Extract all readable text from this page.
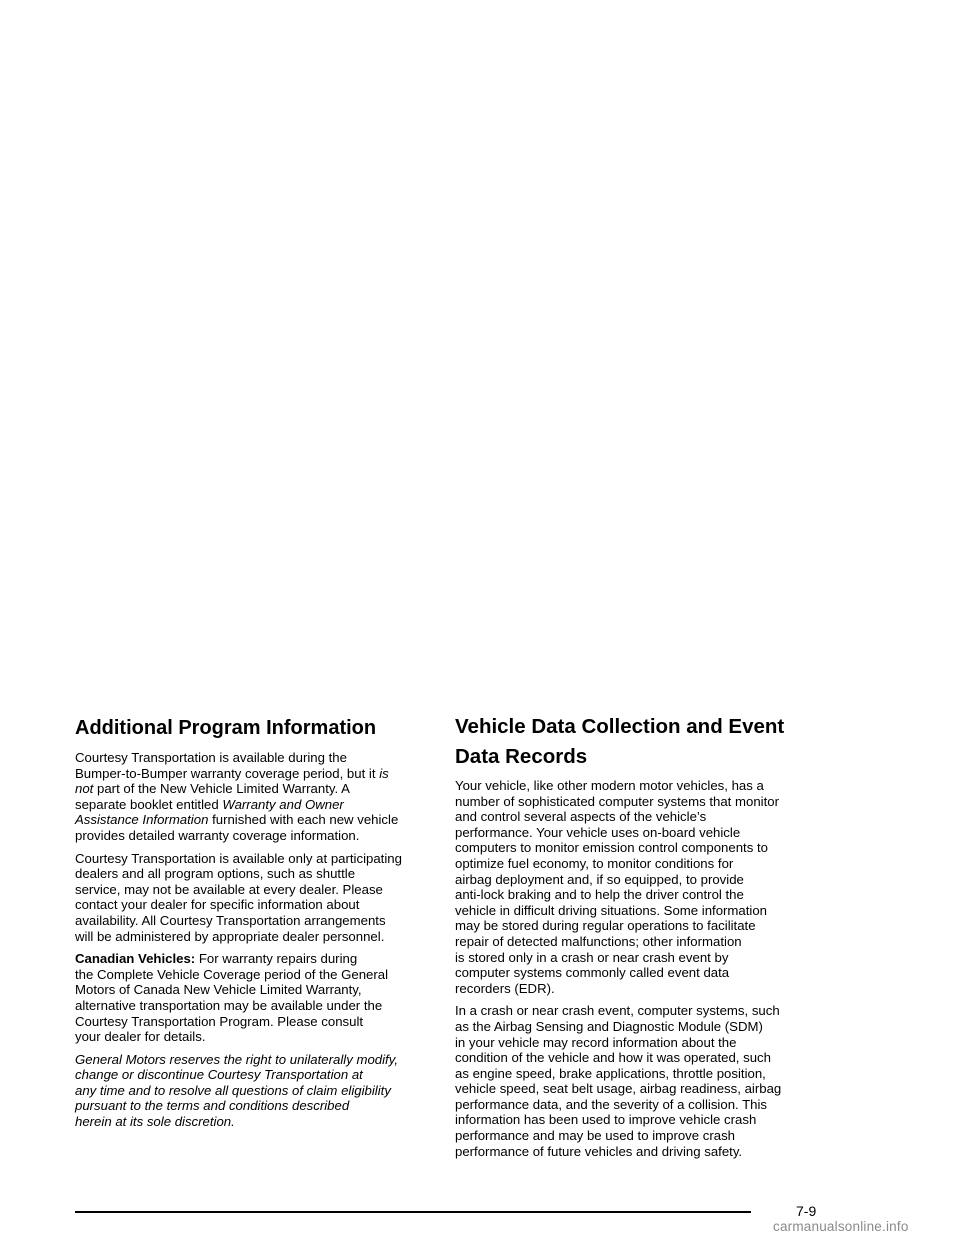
Additional Program Information

Courtesy Transportation is available during the
Bumper-to-Bumper warranty coverage period, but it is
not part of the New Vehicle Limited Warranty. A
separate booklet entitled Warranty and Owner
Assistance Information furnished with each new vehicle
provides detailed warranty coverage information.

Courtesy Transportation is available only at participating
dealers and all program options, such as shuttle
service, may not be available at every dealer. Please
contact your dealer for specific information about
availability. All Courtesy Transportation arrangements
will be administered by appropriate dealer personnel.

Canadian Vehicles: For warranty repairs during
the Complete Vehicle Coverage period of the General
Motors of Canada New Vehicle Limited Warranty,
alternative transportation may be available under the
Courtesy Transportation Program. Please consult
your dealer for details.

General Motors reserves the right to unilaterally modify,
change or discontinue Courtesy Transportation at
any time and to resolve all questions of claim eligibility
pursuant to the terms and conditions described
herein at its sole discretion.

Vehicle Data Collection and Event
Data Records

Your vehicle, like other modern motor vehicles, has a
number of sophisticated computer systems that monitor
and control several aspects of the vehicle’s
performance. Your vehicle uses on-board vehicle
computers to monitor emission control components to
optimize fuel economy, to monitor conditions for
airbag deployment and, if so equipped, to provide
anti-lock braking and to help the driver control the
vehicle in difficult driving situations. Some information
may be stored during regular operations to facilitate
repair of detected malfunctions; other information
is stored only in a crash or near crash event by
computer systems commonly called event data
recorders (EDR).

In a crash or near crash event, computer systems, such
as the Airbag Sensing and Diagnostic Module (SDM)
in your vehicle may record information about the
condition of the vehicle and how it was operated, such
as engine speed, brake applications, throttle position,
vehicle speed, seat belt usage, airbag readiness, airbag
performance data, and the severity of a collision. This
information has been used to improve vehicle crash
performance and may be used to improve crash
performance of future vehicles and driving safety.

7-9
carmanualsonline.info
